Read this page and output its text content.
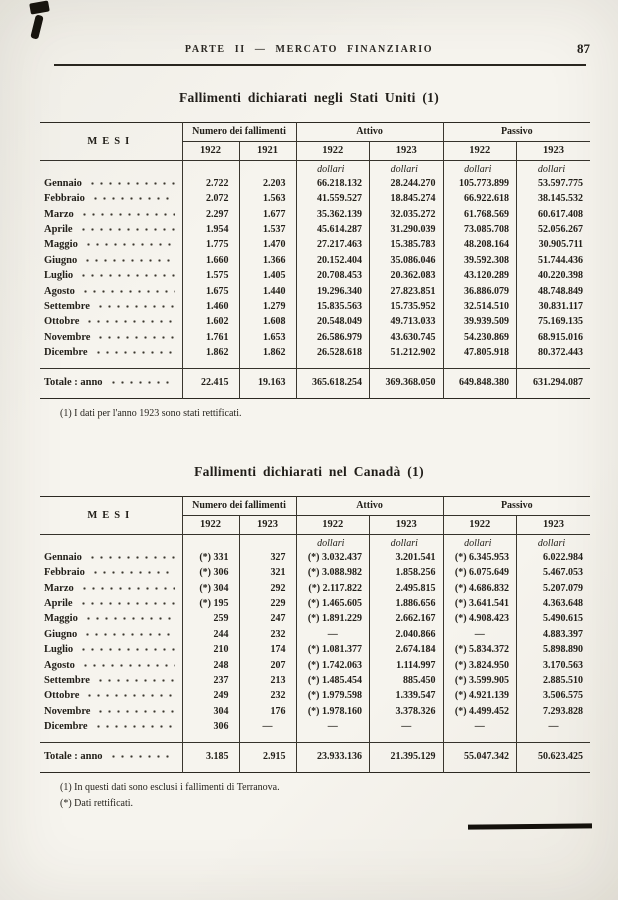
PARTE II — MERCATO FINANZIARIO	87
Fallimenti dichiarati negli Stati Uniti (1)
MESI	Numero dei fallimenti		Attivo		Passivo	
	1922	1921	1922	1923	1922	1923
			dollari	dollari	dollari	dollari

Gennaio	2.722	2.203	66.218.132	28.244.270	105.773.899	53.597.775

Febbraio	2.072	1.563	41.559.527	18.845.274	66.922.618	38.145.532

Marzo	2.297	1.677	35.362.139	32.035.272	61.768.569	60.617.408

Aprile	1.954	1.537	45.614.287	31.290.039	73.085.708	52.056.267

Maggio	1.775	1.470	27.217.463	15.385.783	48.208.164	30.905.711

Giugno	1.660	1.366	20.152.404	35.086.046	39.592.308	51.744.436

Luglio	1.575	1.405	20.708.453	20.362.083	43.120.289	40.220.398

Agosto	1.675	1.440	19.296.340	27.823.851	36.886.079	48.748.849

Settembre	1.460	1.279	15.835.563	15.735.952	32.514.510	30.831.117

Ottobre	1.602	1.608	20.548.049	49.713.033	39.939.509	75.169.135

Novembre	1.761	1.653	26.586.979	43.630.745	54.230.869	68.915.016

Dicembre	1.862	1.862	26.528.618	51.212.902	47.805.918	80.372.443

Totale : anno	22.415	19.163	365.618.254	369.368.050	649.848.380	631.294.087
(1) I dati per l'anno 1923 sono stati rettificati.
Fallimenti dichiarati nel Canadà (1)
MESI	Numero dei fallimenti		Attivo		Passivo	
	1922	1923	1922	1923	1922	1923
			dollari	dollari	dollari	dollari

Gennaio	(*) 331	327	(*) 3.032.437	3.201.541	(*) 6.345.953	6.022.984

Febbraio	(*) 306	321	(*) 3.088.982	1.858.256	(*) 6.075.649	5.467.053

Marzo	(*) 304	292	(*) 2.117.822	2.495.815	(*) 4.686.832	5.207.079

Aprile	(*) 195	229	(*) 1.465.605	1.886.656	(*) 3.641.541	4.363.648

Maggio	259	247	(*) 1.891.229	2.662.167	(*) 4.908.423	5.490.615

Giugno	244	232	—	2.040.866	—	4.883.397

Luglio	210	174	(*) 1.081.377	2.674.184	(*) 5.834.372	5.898.890

Agosto	248	207	(*) 1.742.063	1.114.997	(*) 3.824.950	3.170.563

Settembre	237	213	(*) 1.485.454	885.450	(*) 3.599.905	2.885.510

Ottobre	249	232	(*) 1.979.598	1.339.547	(*) 4.921.139	3.506.575

Novembre	304	176	(*) 1.978.160	3.378.326	(*) 4.499.452	7.293.828

Dicembre	306	—	—	—	—	—

Totale : anno	3.185	2.915	23.933.136	21.395.129	55.047.342	50.623.425
(1) In questi dati sono esclusi i fallimenti di Terranova.
(*) Dati rettificati.
